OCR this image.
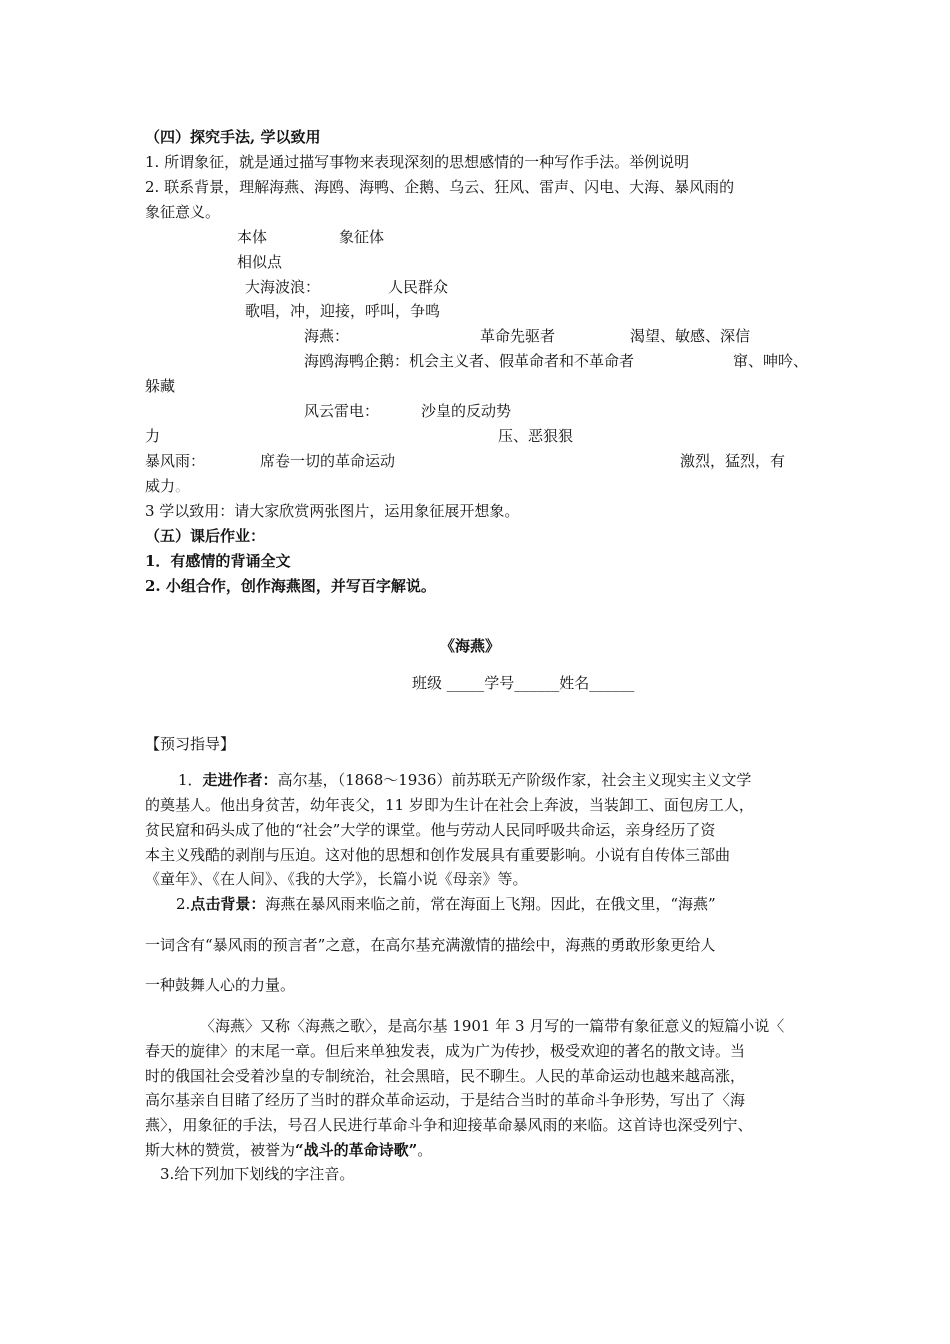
（四）探究手法, 学以致用
1. 所谓象征，就是通过描写事物来表现深刻的思想感情的一种写作手法。举例说明
2. 联系背景，理解海燕、海鸥、海鸭、企鹅、乌云、狂风、雷声、闪电、大海、暴风雨的
象征意义。
本体	象征体
相似点
大海波浪：	人民群众
歌唱，冲，迎接，呼叫，争鸣
海燕：	革命先驱者	渴望、敏感、深信
海鸥海鸭企鹅：机会主义者、假革命者和不革命者	窜、呻吟、
躲藏
风云雷电：	沙皇的反动势
力	压、恶狠狠
暴风雨：	席卷一切的革命运动	激烈，猛烈，有
威力。
3 学以致用：请大家欣赏两张图片，运用象征展开想象。
（五）课后作业：
1．有感情的背诵全文
2. 小组合作，创作海燕图，并写百字解说。
《海燕》
班级 _____学号______姓名______
【预习指导】
1．走进作者：高尔基，（1868～1936）前苏联无产阶级作家，社会主义现实主义文学
的奠基人。他出身贫苦，幼年丧父，11 岁即为生计在社会上奔波，当装卸工、面包房工人，
贫民窟和码头成了他的“社会”大学的课堂。他与劳动人民同呼吸共命运，亲身经历了资
本主义残酷的剥削与压迫。这对他的思想和创作发展具有重要影响。小说有自传体三部曲
《童年》、《在人间》、《我的大学》，长篇小说《母亲》等。
2.点击背景：海燕在暴风雨来临之前，常在海面上飞翔。因此，在俄文里，“海燕”
一词含有“暴风雨的预言者”之意，在高尔基充满激情的描绘中，海燕的勇敢形象更给人
一种鼓舞人心的力量。
〈海燕〉又称〈海燕之歌〉，是高尔基 1901 年 3 月写的一篇带有象征意义的短篇小说〈
春天的旋律〉的末尾一章。但后来单独发表，成为广为传抄，极受欢迎的著名的散文诗。当
时的俄国社会受着沙皇的专制统治，社会黑暗，民不聊生。人民的革命运动也越来越高涨，
高尔基亲自目睹了经历了当时的群众革命运动，于是结合当时的革命斗争形势，写出了〈海
燕〉，用象征的手法，号召人民进行革命斗争和迎接革命暴风雨的来临。这首诗也深受列宁、
斯大林的赞赏，被誉为“战斗的革命诗歌”。
3.给下列加下划线的字注音。
